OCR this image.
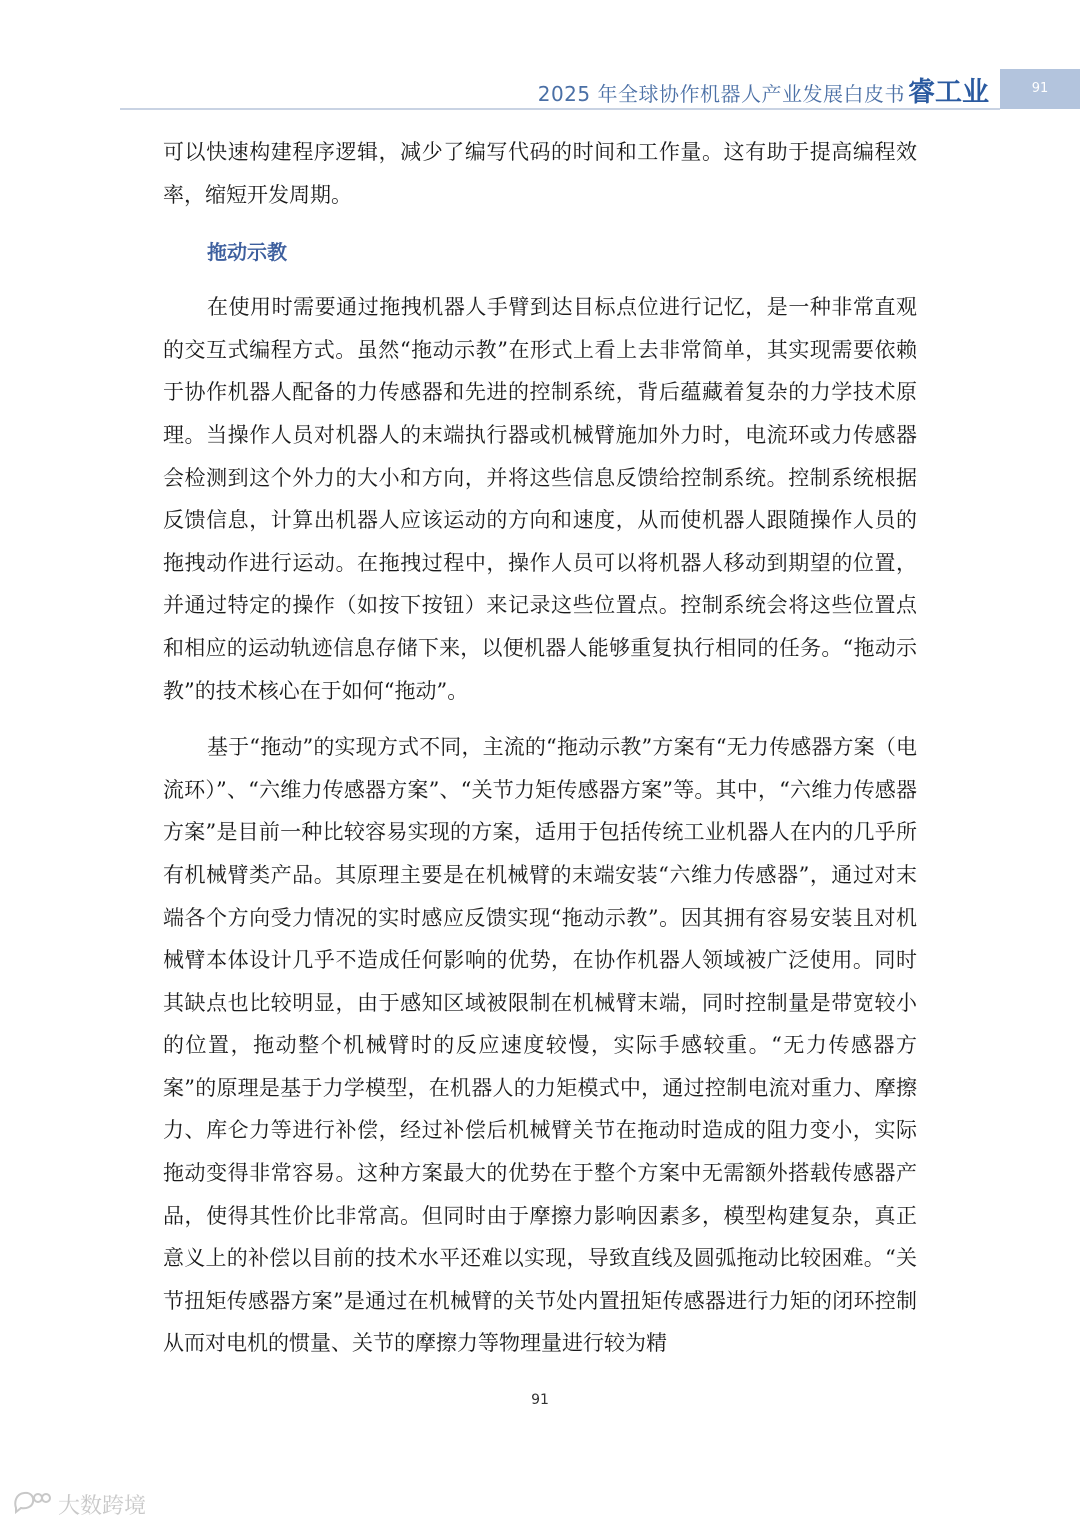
2025 年全球协作机器人产业发展白皮书 睿工业	91

可以快速构建程序逻辑，减少了编写代码的时间和工作量。这有助于提高编程效率，缩短开发周期。

拖动示教

在使用时需要通过拖拽机器人手臂到达目标点位进行记忆，是一种非常直观的交互式编程方式。虽然“拖动示教”在形式上看上去非常简单，其实现需要依赖于协作机器人配备的力传感器和先进的控制系统，背后蕴藏着复杂的力学技术原理。当操作人员对机器人的末端执行器或机械臂施加外力时，电流环或力传感器会检测到这个外力的大小和方向，并将这些信息反馈给控制系统。控制系统根据反馈信息，计算出机器人应该运动的方向和速度，从而使机器人跟随操作人员的拖拽动作进行运动。在拖拽过程中，操作人员可以将机器人移动到期望的位置，并通过特定的操作（如按下按钮）来记录这些位置点。控制系统会将这些位置点和相应的运动轨迹信息存储下来，以便机器人能够重复执行相同的任务。“拖动示教”的技术核心在于如何“拖动”。

基于“拖动”的实现方式不同，主流的“拖动示教”方案有“无力传感器方案（电流环）”、“六维力传感器方案”、“关节力矩传感器方案”等。其中，“六维力传感器方案”是目前一种比较容易实现的方案，适用于包括传统工业机器人在内的几乎所有机械臂类产品。其原理主要是在机械臂的末端安装“六维力传感器”，通过对末端各个方向受力情况的实时感应反馈实现“拖动示教”。因其拥有容易安装且对机械臂本体设计几乎不造成任何影响的优势，在协作机器人领域被广泛使用。同时其缺点也比较明显，由于感知区域被限制在机械臂末端，同时控制量是带宽较小的位置，拖动整个机械臂时的反应速度较慢，实际手感较重。“无力传感器方案”的原理是基于力学模型，在机器人的力矩模式中，通过控制电流对重力、摩擦力、库仑力等进行补偿，经过补偿后机械臂关节在拖动时造成的阻力变小，实际拖动变得非常容易。这种方案最大的优势在于整个方案中无需额外搭载传感器产品，使得其性价比非常高。但同时由于摩擦力影响因素多，模型构建复杂，真正意义上的补偿以目前的技术水平还难以实现，导致直线及圆弧拖动比较困难。“关节扭矩传感器方案”是通过在机械臂的关节处内置扭矩传感器进行力矩的闭环控制从而对电机的惯量、关节的摩擦力等物理量进行较为精

91
大数跨境
